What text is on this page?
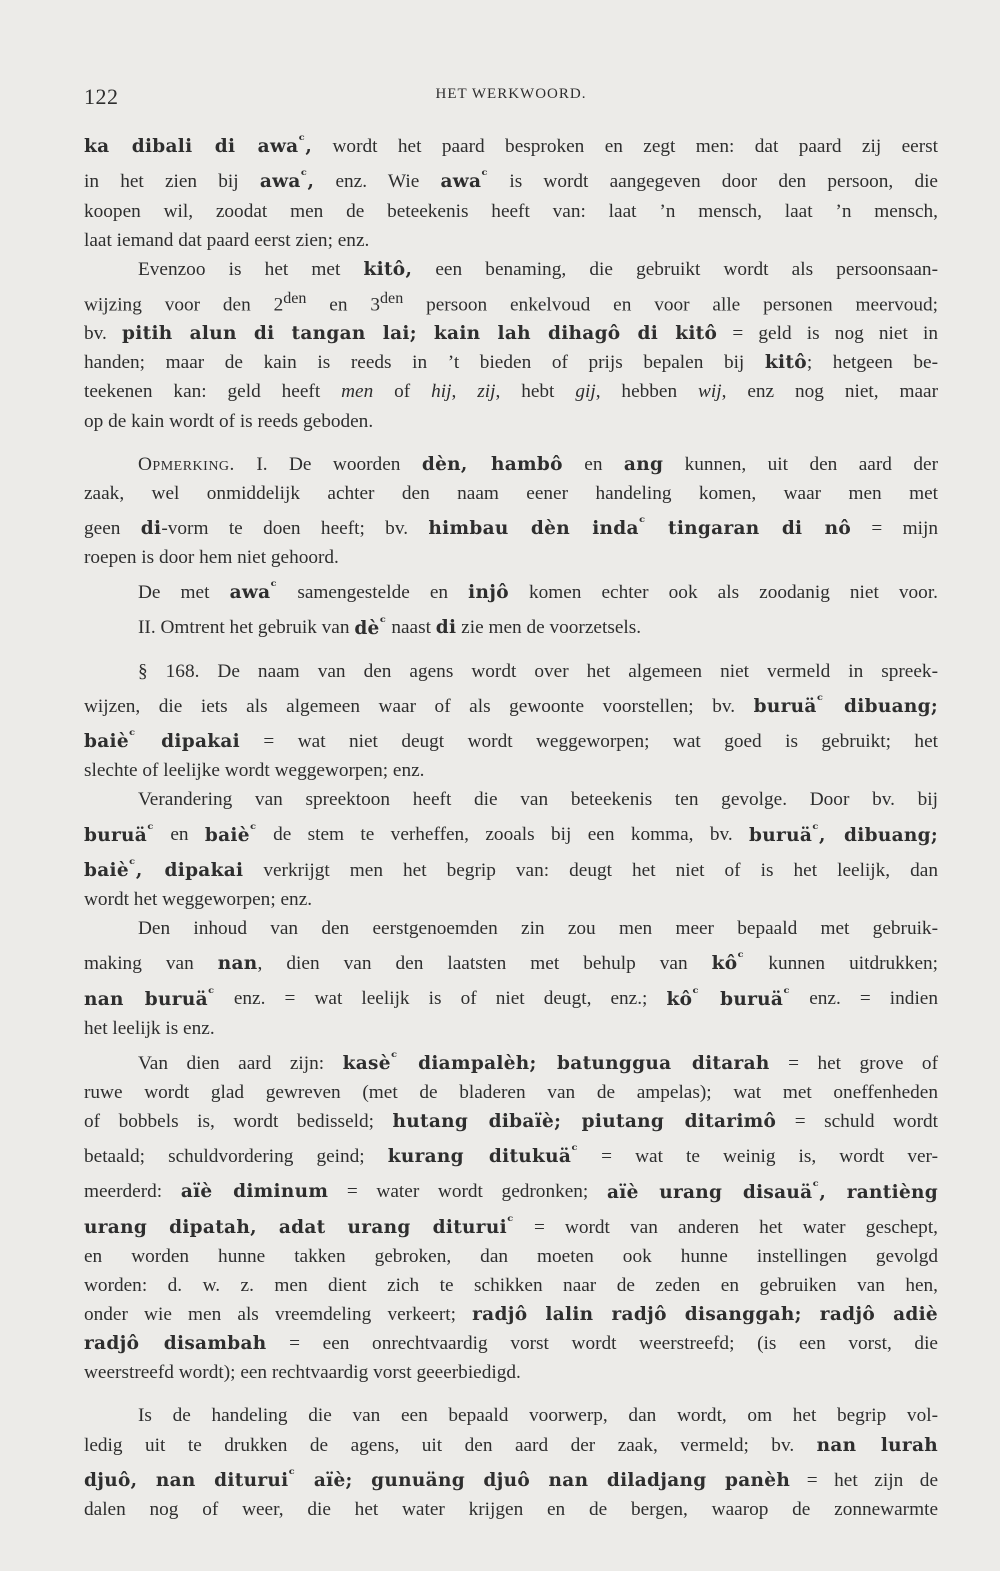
122	HET WERKWOORD.

ka dibali di awa$^ᶜ$, wordt het paard besproken en zegt men: dat paard zij eerst

in het zien bij awa$^ᶜ$, enz. Wie awa$^ᶜ$ is wordt aangegeven door den persoon, die

koopen wil, zoodat men de beteekenis heeft van: laat ’n mensch, laat ’n mensch,

laat iemand dat paard eerst zien; enz.

Evenzoo is het met kitô, een benaming, die gebruikt wordt als persoonsaan-

wijzing voor den $2^{den}$ en $3^{den}$ persoon enkelvoud en voor alle personen meervoud;

bv. pitih alun di tangan lai; kain lah dihagô di kitô = geld is nog niet in

handen; maar de kain is reeds in ’t bieden of prijs bepalen bij kitô; hetgeen be-

teekenen kan: geld heeft men of hij, zij, hebt gij, hebben wij, enz nog niet, maar

op de kain wordt of is reeds geboden.

Opmerking. I. De woorden dèn, hambô en ang kunnen, uit den aard der

zaak, wel onmiddelijk achter den naam eener handeling komen, waar men met

geen di-vorm te doen heeft; bv. himbau dèn inda$^ᶜ$ tingaran di nô = mijn

roepen is door hem niet gehoord.

De met awa$^ᶜ$ samengestelde en injô komen echter ook als zoodanig niet voor.

II. Omtrent het gebruik van $dè^ᶜ$ naast di zie men de voorzetsels.

§ 168. De naam van den agens wordt over het algemeen niet vermeld in spreek-

wijzen, die iets als algemeen waar of als gewoonte voorstellen; bv. buruä$^ᶜ$ dibuang;

baiè$^ᶜ$ dipakai = wat niet deugt wordt weggeworpen; wat goed is gebruikt; het

slechte of leelijke wordt weggeworpen; enz.

Verandering van spreektoon heeft die van beteekenis ten gevolge. Door bv. bij

buruä$^ᶜ$ en baiè$^ᶜ$ de stem te verheffen, zooals bij een komma, bv. buruä$^ᶜ$, dibuang;

baiè$^ᶜ$, dipakai verkrijgt men het begrip van: deugt het niet of is het leelijk, dan

wordt het weggeworpen; enz.

Den inhoud van den eerstgenoemden zin zou men meer bepaald met gebruik-

making van nan, dien van den laatsten met behulp van $kô^ᶜ$ kunnen uitdrukken;

nan buruä$^ᶜ$ enz. = wat leelijk is of niet deugt, enz.; $kô^ᶜ$ buruä$^ᶜ$ enz. = indien

het leelijk is enz.

Van dien aard zijn: kasè$^ᶜ$ diampalèh; batunggua ditarah = het grove of

ruwe wordt glad gewreven (met de bladeren van de ampelas); wat met oneffenheden

of bobbels is, wordt bedisseld; hutang dibaïè; piutang ditarimô = schuld wordt

betaald; schuldvordering geind; kurang ditukuä$^ᶜ$ = wat te weinig is, wordt ver-

meerderd: aïè diminum = water wordt gedronken; aïè urang disauä$^ᶜ$, rantièng

urang dipatah, adat urang diturui$^ᶜ$ = wordt van anderen het water geschept,

en worden hunne takken gebroken, dan moeten ook hunne instellingen gevolgd

worden: d. w. z. men dient zich te schikken naar de zeden en gebruiken van hen,

onder wie men als vreemdeling verkeert; radjô lalin radjô disanggah; radjô adiè

radjô disambah = een onrechtvaardig vorst wordt weerstreefd; (is een vorst, die

weerstreefd wordt); een rechtvaardig vorst geeerbiedigd.

Is de handeling die van een bepaald voorwerp, dan wordt, om het begrip vol-

ledig uit te drukken de agens, uit den aard der zaak, vermeld; bv. nan lurah

djuô, nan diturui$^ᶜ$ aïè; gunuäng djuô nan diladjang panèh = het zijn de

dalen nog of weer, die het water krijgen en de bergen, waarop de zonnewarmte
